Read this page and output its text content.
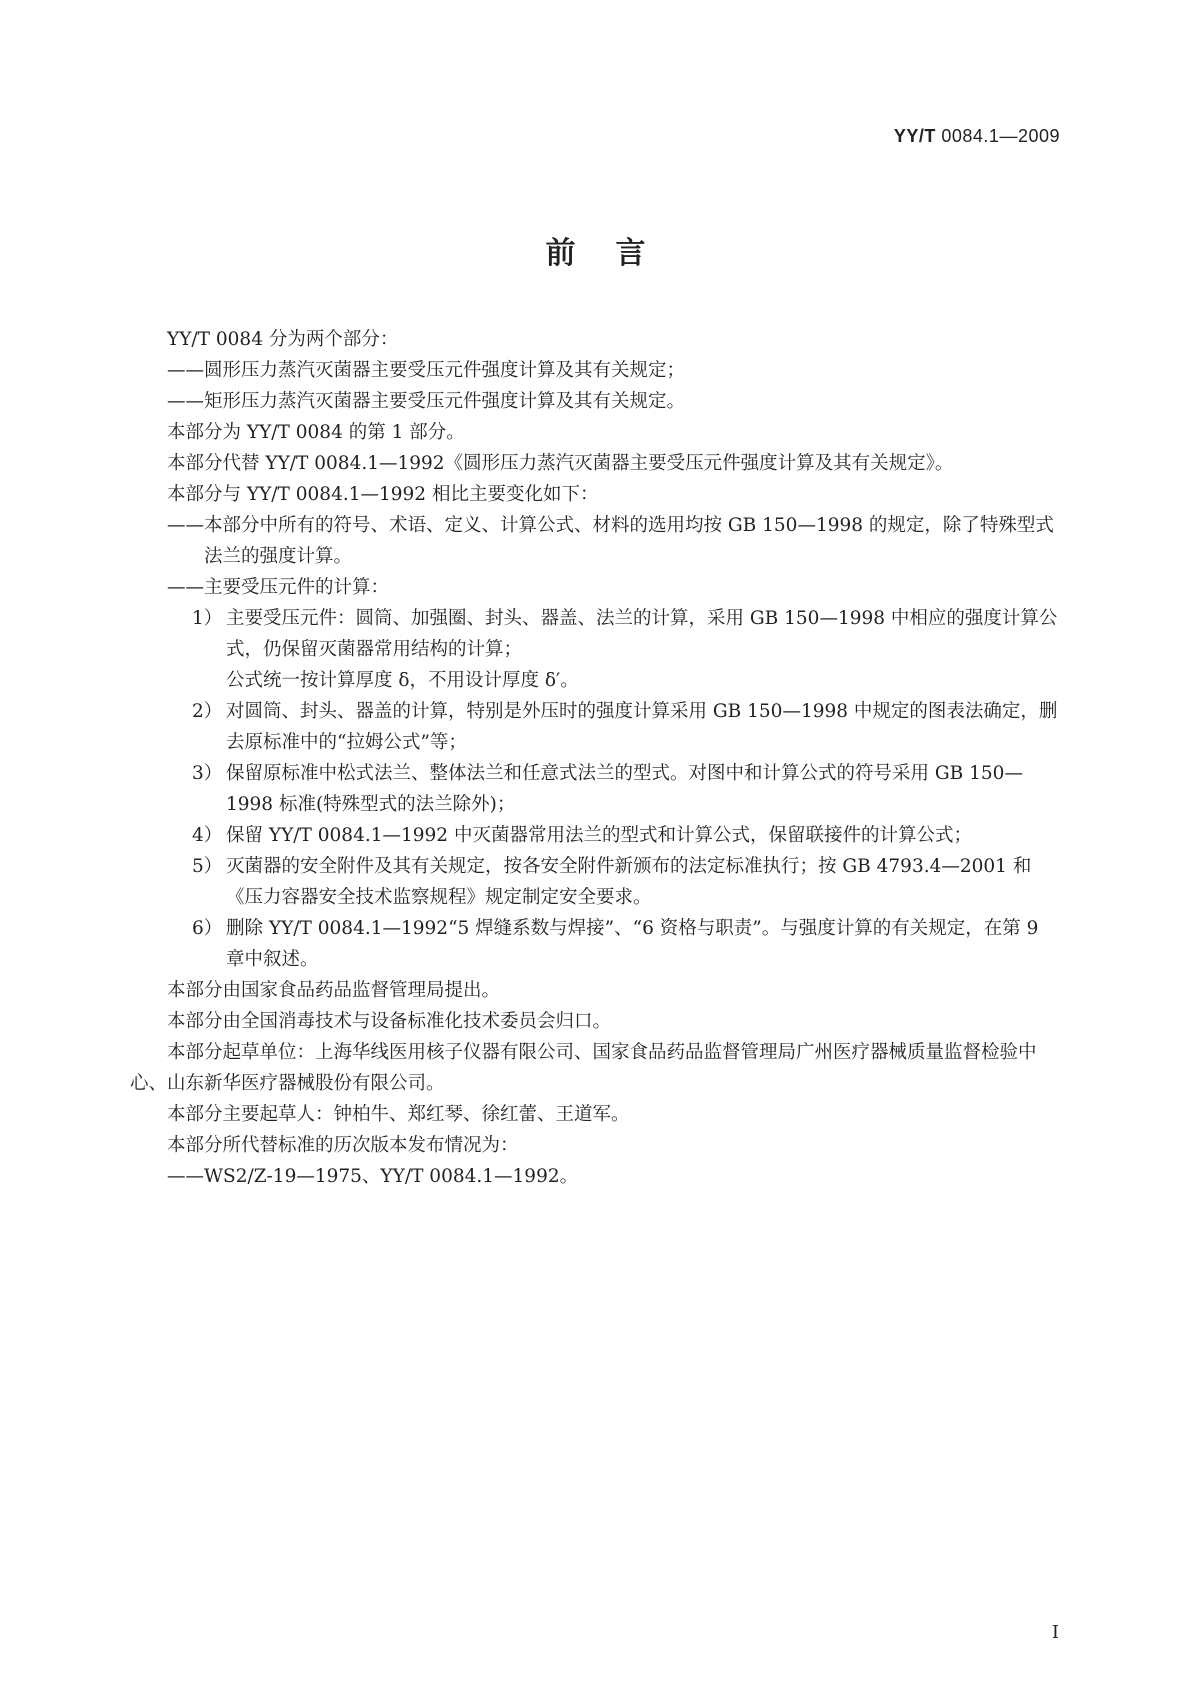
YY/T 0084.1—2009
前言

YY/T 0084 分为两个部分：

——圆形压力蒸汽灭菌器主要受压元件强度计算及其有关规定；

——矩形压力蒸汽灭菌器主要受压元件强度计算及其有关规定。

本部分为 YY/T 0084 的第 1 部分。

本部分代替 YY/T 0084.1—1992《圆形压力蒸汽灭菌器主要受压元件强度计算及其有关规定》。

本部分与 YY/T 0084.1—1992 相比主要变化如下：

——本部分中所有的符号、术语、定义、计算公式、材料的选用均按 GB 150—1998 的规定，除了特殊型式法兰的强度计算。

——主要受压元件的计算：

1） 主要受压元件：圆筒、加强圈、封头、器盖、法兰的计算，采用 GB 150—1998 中相应的强度计算公式，仍保留灭菌器常用结构的计算；

公式统一按计算厚度 δ，不用设计厚度 δ′。

2） 对圆筒、封头、器盖的计算，特别是外压时的强度计算采用 GB 150—1998 中规定的图表法确定，删去原标准中的“拉姆公式”等；
3） 保留原标准中松式法兰、整体法兰和任意式法兰的型式。对图中和计算公式的符号采用 GB 150—1998 标准(特殊型式的法兰除外)；
4） 保留 YY/T 0084.1—1992 中灭菌器常用法兰的型式和计算公式，保留联接件的计算公式；
5） 灭菌器的安全附件及其有关规定，按各安全附件新颁布的法定标准执行；按 GB 4793.4—2001 和《压力容器安全技术监察规程》规定制定安全要求。
6） 删除 YY/T 0084.1—1992“5 焊缝系数与焊接”、“6 资格与职责”。与强度计算的有关规定，在第 9 章中叙述。

本部分由国家食品药品监督管理局提出。

本部分由全国消毒技术与设备标准化技术委员会归口。

本部分起草单位：上海华线医用核子仪器有限公司、国家食品药品监督管理局广州医疗器械质量监督检验中心、山东新华医疗器械股份有限公司。

本部分主要起草人：钟柏牛、郑红琴、徐红蕾、王道军。

本部分所代替标准的历次版本发布情况为：

——WS2/Z-19—1975、YY/T 0084.1—1992。

I
